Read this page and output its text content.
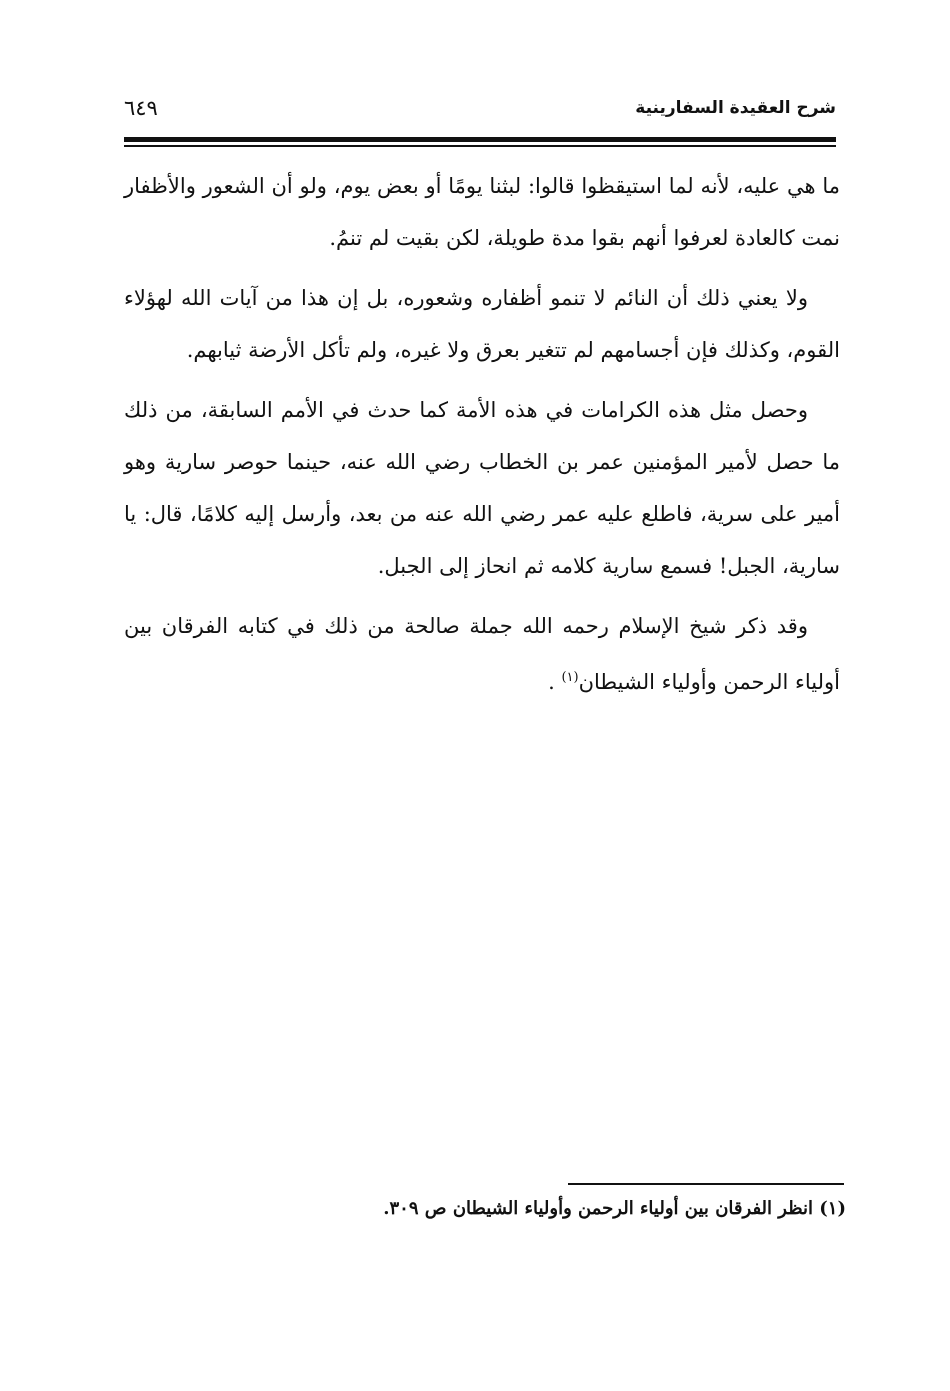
شرح العقيدة السفارينية
٦٤٩

ما هي عليه، لأنه لما استيقظوا قالوا: لبثنا يومًا أو بعض يوم، ولو أن الشعور والأظفار نمت كالعادة لعرفوا أنهم بقوا مدة طويلة، لكن بقيت لم تنمُ.

ولا يعني ذلك أن النائم لا تنمو أظفاره وشعوره، بل إن هذا من آيات الله لهؤلاء القوم، وكذلك فإن أجسامهم لم تتغير بعرق ولا غيره، ولم تأكل الأرضة ثيابهم.

وحصل مثل هذه الكرامات في هذه الأمة كما حدث في الأمم السابقة، من ذلك ما حصل لأمير المؤمنين عمر بن الخطاب رضي الله عنه، حينما حوصر سارية وهو أمير على سرية، فاطلع عليه عمر رضي الله عنه من بعد، وأرسل إليه كلامًا، قال: يا سارية، الجبل! فسمع سارية كلامه ثم انحاز إلى الجبل.

وقد ذكر شيخ الإسلام رحمه الله جملة صالحة من ذلك في كتابه الفرقان بين أولياء الرحمن وأولياء الشيطان$^{(١)}$ .

(١) انظر الفرقان بين أولياء الرحمن وأولياء الشيطان ص ٣٠٩.
